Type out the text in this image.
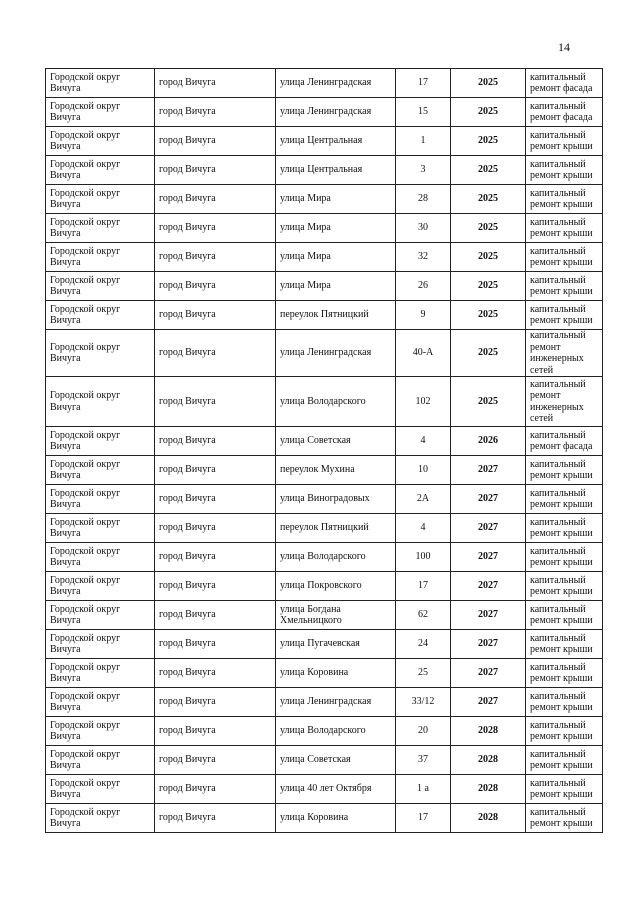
14
Городской округ Вичуга	город Вичуга	улица Ленинградская	17	2025	капитальный ремонт фасада
Городской округ Вичуга	город Вичуга	улица Ленинградская	15	2025	капитальный ремонт фасада
Городской округ Вичуга	город Вичуга	улица Центральная	1	2025	капитальный ремонт крыши
Городской округ Вичуга	город Вичуга	улица Центральная	3	2025	капитальный ремонт крыши
Городской округ Вичуга	город Вичуга	улица Мира	28	2025	капитальный ремонт крыши
Городской округ Вичуга	город Вичуга	улица Мира	30	2025	капитальный ремонт крыши
Городской округ Вичуга	город Вичуга	улица Мира	32	2025	капитальный ремонт крыши
Городской округ Вичуга	город Вичуга	улица Мира	26	2025	капитальный ремонт крыши
Городской округ Вичуга	город Вичуга	переулок Пятницкий	9	2025	капитальный ремонт крыши
Городской округ Вичуга	город Вичуга	улица Ленинградская	40-А	2025	капитальный ремонт инженерных сетей
Городской округ Вичуга	город Вичуга	улица Володарского	102	2025	капитальный ремонт инженерных сетей
Городской округ Вичуга	город Вичуга	улица Советская	4	2026	капитальный ремонт фасада
Городской округ Вичуга	город Вичуга	переулок Мухина	10	2027	капитальный ремонт крыши
Городской округ Вичуга	город Вичуга	улица Виноградовых	2А	2027	капитальный ремонт крыши
Городской округ Вичуга	город Вичуга	переулок Пятницкий	4	2027	капитальный ремонт крыши
Городской округ Вичуга	город Вичуга	улица Володарского	100	2027	капитальный ремонт крыши
Городской округ Вичуга	город Вичуга	улица Покровского	17	2027	капитальный ремонт крыши
Городской округ Вичуга	город Вичуга	улица Богдана Хмельницкого	62	2027	капитальный ремонт крыши
Городской округ Вичуга	город Вичуга	улица Пугачевская	24	2027	капитальный ремонт крыши
Городской округ Вичуга	город Вичуга	улица Коровина	25	2027	капитальный ремонт крыши
Городской округ Вичуга	город Вичуга	улица Ленинградская	33/12	2027	капитальный ремонт крыши
Городской округ Вичуга	город Вичуга	улица Володарского	20	2028	капитальный ремонт крыши
Городской округ Вичуга	город Вичуга	улица Советская	37	2028	капитальный ремонт крыши
Городской округ Вичуга	город Вичуга	улица 40 лет Октября	1 а	2028	капитальный ремонт крыши
Городской округ Вичуга	город Вичуга	улица Коровина	17	2028	капитальный ремонт крыши
